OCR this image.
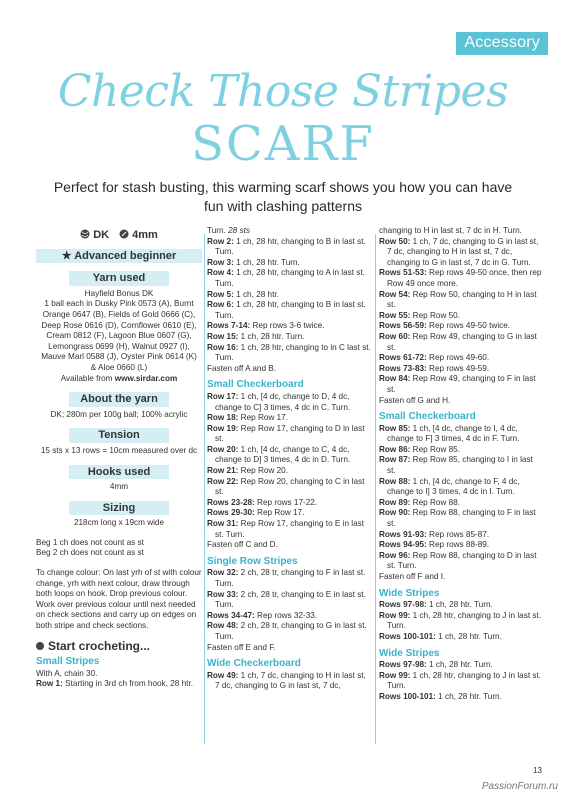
Accessory
Check Those Stripes
SCARF
Perfect for stash busting, this warming scarf shows you how you can have fun with clashing patterns
DK 4mm
★ Advanced beginner
Yarn used
Hayfield Bonus DK
1 ball each in Dusky Pink 0573 (A), Burnt
Orange 0647 (B), Fields of Gold 0666 (C),
Deep Rose 0616 (D), Cornflower 0610 (E),
Cream 0812 (F), Lagoon Blue 0607 (G),
Lemongrass 0699 (H), Walnut 0927 (I),
Mauve Marl 0588 (J), Oyster Pink 0614 (K)
& Aloe 0660 (L)
Available from www.sirdar.com
About the yarn
DK; 280m per 100g ball; 100% acrylic
Tension
15 sts x 13 rows = 10cm measured over dc
Hooks used
4mm
Sizing
218cm long x 19cm wide
Beg 1 ch does not count as st
Beg 2 ch does not count as st
To change colour: On last yrh of st with colour change, yrh with next colour, draw through both loops on hook. Drop previous colour. Work over previous colour until next needed on check sections and carry up on edges on both stripe and check sections.
Start crocheting...
Small Stripes
With A, chain 30.
Row 1: Starting in 3rd ch from hook, 28 htr.
Turn. 28 sts
Row 2: 1 ch, 28 htr, changing to B in last st. Turn.
Row 3: 1 ch, 28 htr. Turn.
Row 4: 1 ch, 28 htr, changing to A in last st. Turn.
Row 5: 1 ch, 28 htr.
Row 6: 1 ch, 28 htr, changing to B in last st. Turn.
Rows 7-14: Rep rows 3-6 twice.
Row 15: 1 ch, 28 htr. Turn.
Row 16: 1 ch, 28 htr, changing to in C last st. Turn.
Fasten off A and B.
Small Checkerboard
Row 17: 1 ch, [4 dc, change to D, 4 dc, change to C] 3 times, 4 dc in C. Turn.
Row 18: Rep Row 17.
Row 19: Rep Row 17, changing to D in last st.
Row 20: 1 ch, [4 dc, change to C, 4 dc, change to D] 3 times, 4 dc in D. Turn.
Row 21: Rep Row 20.
Row 22: Rep Row 20, changing to C in last st.
Rows 23-28: Rep rows 17-22.
Rows 29-30: Rep Row 17.
Row 31: Rep Row 17, changing to E in last st. Turn.
Fasten off C and D.
Single Row Stripes
Row 32: 2 ch, 28 tr, changing to F in last st. Turn.
Row 33: 2 ch, 28 tr, changing to E in last st. Turn.
Rows 34-47: Rep rows 32-33.
Row 48: 2 ch, 28 tr, changing to G in last st. Turn.
Fasten off E and F.
Wide Checkerboard
Row 49: 1 ch, 7 dc, changing to H in last st, 7 dc, changing to G in last st, 7 dc,
changing to H in last st, 7 dc in H. Turn.
Row 50: 1 ch, 7 dc, changing to G in last st, 7 dc, changing to H in last st, 7 dc, changing to G in last st, 7 dc in G. Turn.
Rows 51-53: Rep rows 49-50 once, then rep Row 49 once more.
Row 54: Rep Row 50, changing to H in last st.
Row 55: Rep Row 50.
Rows 56-59: Rep rows 49-50 twice.
Row 60: Rep Row 49, changing to G in last st.
Rows 61-72: Rep rows 49-60.
Rows 73-83: Rep rows 49-59.
Row 84: Rep Row 49, changing to F in last st.
Fasten off G and H.
Small Checkerboard
Row 85: 1 ch, [4 dc, change to I, 4 dc, change to F] 3 times, 4 dc in F. Turn.
Row 86: Rep Row 85.
Row 87: Rep Row 85, changing to I in last st.
Row 88: 1 ch, [4 dc, change to F, 4 dc, change to I] 3 times, 4 dc in I. Turn.
Row 89: Rep Row 88.
Row 90: Rep Row 88, changing to F in last st.
Rows 91-93: Rep rows 85-87.
Rows 94-95: Rep rows 88-89.
Row 96: Rep Row 88, changing to D in last st. Turn.
Fasten off F and I.
Wide Stripes
Rows 97-98: 1 ch, 28 htr. Turn.
Row 99: 1 ch, 28 htr, changing to J in last st. Turn.
Rows 100-101: 1 ch, 28 htr. Turn.
Wide Stripes
Rows 97-98: 1 ch, 28 htr. Turn.
Row 99: 1 ch, 28 htr, changing to J in last st. Turn.
Rows 100-101: 1 ch, 28 htr. Turn.
13
PassionForum.ru
